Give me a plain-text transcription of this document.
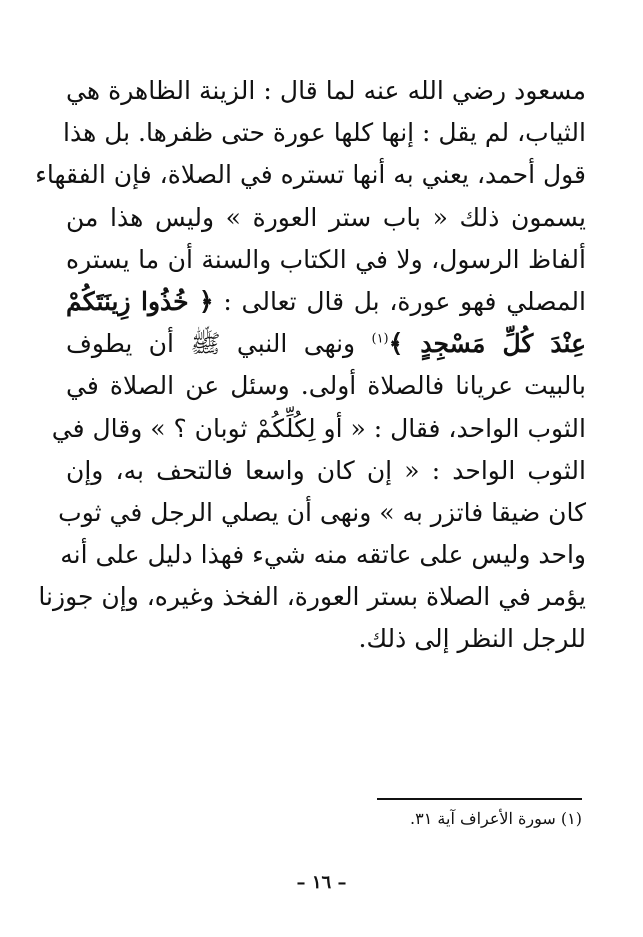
مسعود رضي الله عنه لما قال : الزينة الظاهرة هي
الثياب، لم يقل : إنها كلها عورة حتى ظفرها. بل هذا
قول أحمد، يعني به أنها تستره في الصلاة، فإن الفقهاء
يسمون ذلك « باب ستر العورة » وليس هذا من
ألفاظ الرسول، ولا في الكتاب والسنة أن ما يستره
المصلي فهو عورة، بل قال تعالى : ﴿ خُذُوا زِينَتَكُمْ
عِنْدَ كُلِّ مَسْجِدٍ ﴾$^{(١)}$ ونهى النبي ﷺ أن يطوف
بالبيت عريانا فالصلاة أولى. وسئل عن الصلاة في
الثوب الواحد، فقال : « أو لِكُلِّكُمْ ثوبان ؟ » وقال في
الثوب الواحد : « إن كان واسعا فالتحف به، وإن
كان ضيقا فاتزر به » ونهى أن يصلي الرجل في ثوب
واحد وليس على عاتقه منه شيء فهذا دليل على أنه
يؤمر في الصلاة بستر العورة، الفخذ وغيره، وإن جوزنا
للرجل النظر إلى ذلك.
(١) سورة الأعراف آية ٣١.
– ١٦ –
